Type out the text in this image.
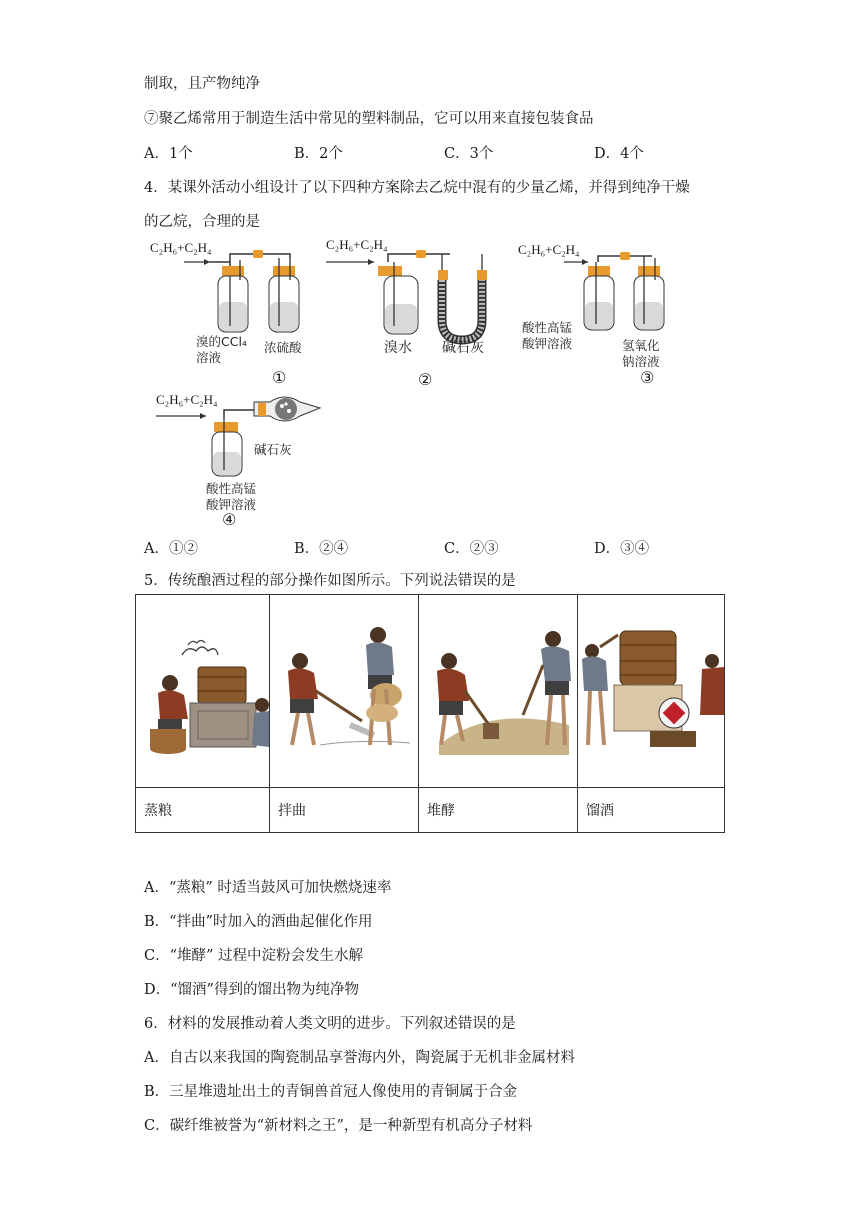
制取，且产物纯净
⑦聚乙烯常用于制造生活中常见的塑料制品，它可以用来直接包装食品
A．1个	B．2个	C．3个	D．4个
4．某课外活动小组设计了以下四种方案除去乙烷中混有的少量乙烯，并得到纯净干燥
的乙烷，合理的是
C₂H₆+C₂H₄
溴的CCl₄
溶液
浓硫酸
①
C₂H₆+C₂H₄
溴水 碱石灰
②
C₂H₆+C₂H₄
酸性高锰
酸钾溶液	氢氧化
钠溶液
③
C₂H₆+C₂H₄
碱石灰
酸性高锰
酸钾溶液
④
A．①②	B．②④	C．②③	D．③④
5．传统酿酒过程的部分操作如图所示。下列说法错误的是

蒸粮	拌曲	堆酵	馏酒
A．“蒸粮” 时适当鼓风可加快燃烧速率
B．“拌曲”时加入的酒曲起催化作用
C．“堆酵” 过程中淀粉会发生水解
D．“馏酒”得到的馏出物为纯净物
6．材料的发展推动着人类文明的进步。下列叙述错误的是
A．自古以来我国的陶瓷制品享誉海内外，陶瓷属于无机非金属材料
B．三星堆遗址出土的青铜兽首冠人像使用的青铜属于合金
C．碳纤维被誉为“新材料之王”，是一种新型有机高分子材料
